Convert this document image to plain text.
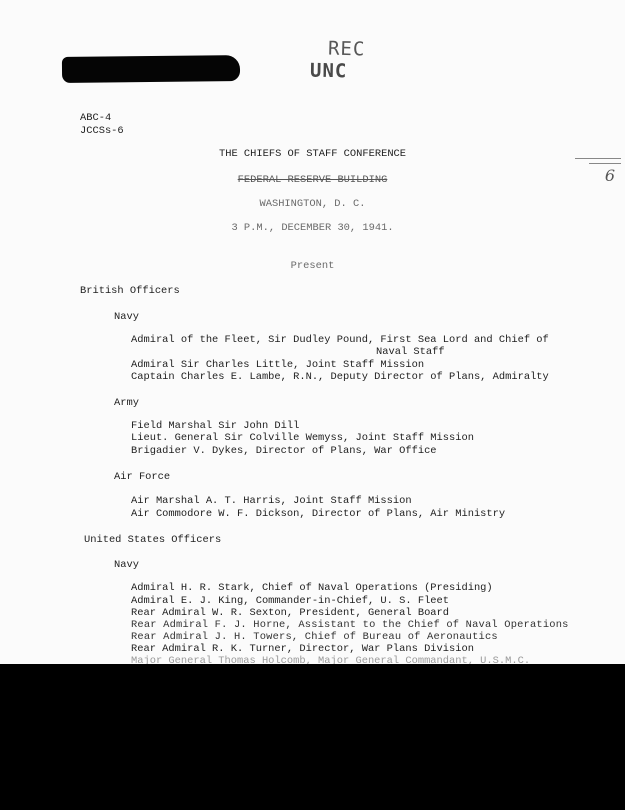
REC
UNC
6
ABC-4
JCCSs-6
THE CHIEFS OF STAFF CONFERENCE
FEDERAL RESERVE BUILDING
WASHINGTON, D. C.
3 P.M., DECEMBER 30, 1941.
Present
British Officers
Navy
Admiral of the Fleet, Sir Dudley Pound, First Sea Lord and Chief of
Naval Staff
Admiral Sir Charles Little, Joint Staff Mission
Captain Charles E. Lambe, R.N., Deputy Director of Plans, Admiralty
Army
Field Marshal Sir John Dill
Lieut. General Sir Colville Wemyss, Joint Staff Mission
Brigadier V. Dykes, Director of Plans, War Office
Air Force
Air Marshal A. T. Harris, Joint Staff Mission
Air Commodore W. F. Dickson, Director of Plans, Air Ministry
United States Officers
Navy
Admiral H. R. Stark, Chief of Naval Operations (Presiding)
Admiral E. J. King, Commander-in-Chief, U. S. Fleet
Rear Admiral W. R. Sexton, President, General Board
Rear Admiral F. J. Horne, Assistant to the Chief of Naval Operations
Rear Admiral J. H. Towers, Chief of Bureau of Aeronautics
Rear Admiral R. K. Turner, Director, War Plans Division
Major General Thomas Holcomb, Major General Commandant, U.S.M.C.
